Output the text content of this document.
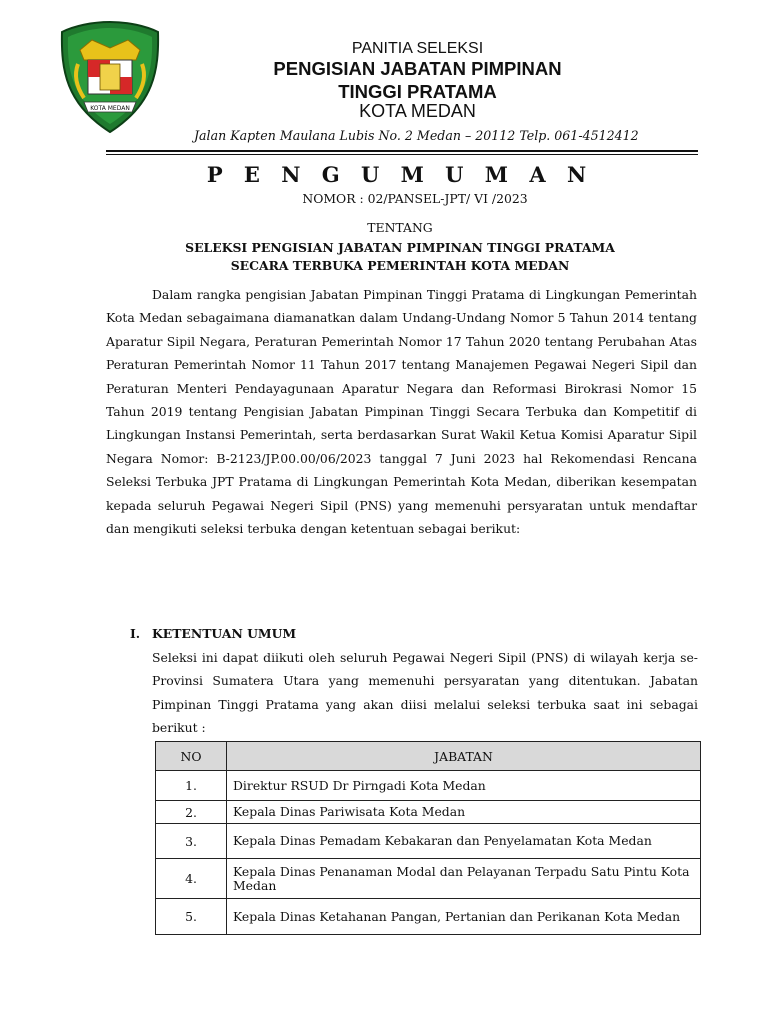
KOTA MEDAN
PANITIA SELEKSI
PENGISIAN JABATAN PIMPINAN
TINGGI PRATAMA
KOTA MEDAN
Jalan Kapten Maulana Lubis No. 2 Medan – 20112 Telp. 061-4512412
P E N G U M U M A N
NOMOR : 02/PANSEL-JPT/ VI /2023
TENTANG
SELEKSI PENGISIAN JABATAN PIMPINAN TINGGI PRATAMA
SECARA TERBUKA PEMERINTAH KOTA MEDAN

Dalam rangka pengisian Jabatan Pimpinan Tinggi Pratama di Lingkungan Pemerintah Kota Medan sebagaimana diamanatkan dalam Undang-Undang Nomor 5 Tahun 2014 tentang Aparatur Sipil Negara, Peraturan Pemerintah Nomor 17 Tahun 2020 tentang Perubahan Atas Peraturan Pemerintah Nomor 11 Tahun 2017 tentang Manajemen Pegawai Negeri Sipil dan Peraturan Menteri Pendayagunaan Aparatur Negara dan Reformasi Birokrasi Nomor 15 Tahun 2019 tentang Pengisian Jabatan Pimpinan Tinggi Secara Terbuka dan Kompetitif di Lingkungan Instansi Pemerintah, serta berdasarkan Surat Wakil Ketua Komisi Aparatur Sipil Negara Nomor: B-2123/JP.00.00/06/2023 tanggal 7 Juni 2023 hal Rekomendasi Rencana Seleksi Terbuka JPT Pratama di Lingkungan Pemerintah Kota Medan, diberikan kesempatan kepada seluruh Pegawai Negeri Sipil (PNS) yang memenuhi persyaratan untuk mendaftar dan mengikuti seleksi terbuka dengan ketentuan sebagai berikut:

I. KETENTUAN UMUM

Seleksi ini dapat diikuti oleh seluruh Pegawai Negeri Sipil (PNS) di wilayah kerja se-Provinsi Sumatera Utara yang memenuhi persyaratan yang ditentukan. Jabatan Pimpinan Tinggi Pratama yang akan diisi melalui seleksi terbuka saat ini sebagai berikut :

NO	JABATAN
1.	Direktur RSUD Dr Pirngadi Kota Medan
2.	Kepala Dinas Pariwisata Kota Medan
3.	Kepala Dinas Pemadam Kebakaran dan Penyelamatan Kota Medan
4.	Kepala Dinas Penanaman Modal dan Pelayanan Terpadu Satu Pintu Kota Medan
5.	Kepala Dinas Ketahanan Pangan, Pertanian dan Perikanan Kota Medan
